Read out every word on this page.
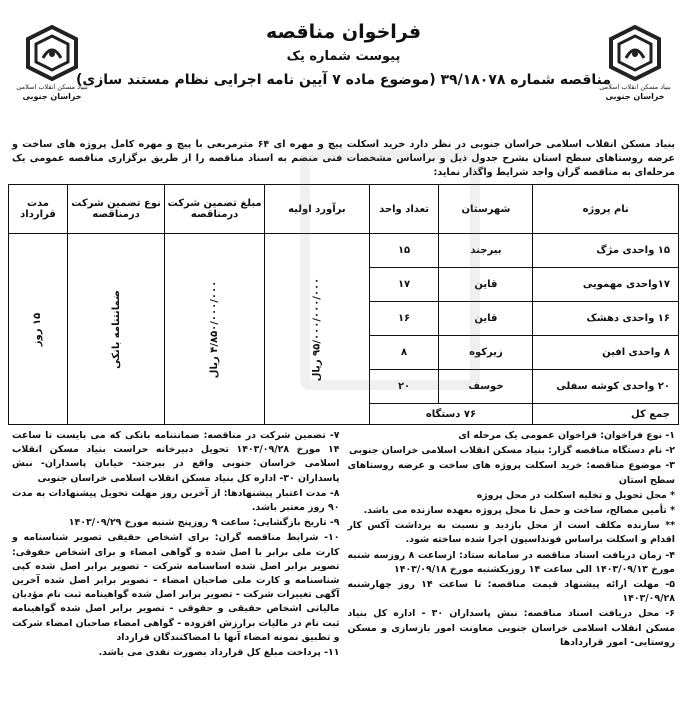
بنیاد مسکن انقلاب اسلامی
خراسان جنوبی
بنیاد مسکن انقلاب اسلامی
خراسان جنوبی
فراخوان مناقصه
پیوست شماره یک
مناقصه شماره ۳۹/۱۸۰۷۸ (موضوع ماده ۷ آیین نامه اجرایی نظام مستند سازی)
بنیاد مسکن انقلاب اسلامی خراسان جنوبی در نظر دارد خرید اسکلت پیچ و مهره ای ۶۴ مترمربعی با پیچ و مهره کامل پروژه های ساخت و عرضه روستاهای سطح استان بشرح جدول ذیل و براساس مشخصات فنی منضم به اسناد مناقصه را از طریق برگزاری مناقصه عمومی یک مرحله‌ای به مناقصه گران واجد شرایط واگذار نماید:
نام پروژه	شهرستان	تعداد واحد	برآورد اولیه	مبلغ تضمین شرکت درمناقصه	نوع تضمین شرکت درمناقصه	مدت قرارداد
۱۵ واحدی مژگ	بیرجند	۱۵	۹۵/۰۰۰/۰۰۰/۰۰۰ ریال	۴/۸۵۰/۰۰۰/۰۰۰ ریال	ضمانتنامه بانکی	۱۵ روز
۱۷واحدی مهمویی	قاین	۱۷				
۱۶ واحدی دهشک	قاین	۱۶				
۸ واحدی افین	زیرکوه	۸				
۲۰ واحدی کوشه سفلی	خوسف	۲۰				
جمع کل	۷۶ دستگاه					

۱- نوع فراخوان: فراخوان عمومی یک مرحله ای

۲- نام دستگاه مناقصه گزار: بنیاد مسکن انقلاب اسلامی خراسان جنوبی

۳- موضوع مناقصه: خرید اسکلت پروژه های ساخت و عرضه روستاهای سطح استان

* محل تحویل و تخلیه اسکلت در محل پروژه

* تأمین مصالح، ساخت و حمل تا محل پروژه بعهده سازنده می باشد.

** سازنده مکلف است از محل بازدید و نسبت به برداشت آکس کار اقدام و اسکلت براساس فونداسیون اجرا شده ساخته شود.

۴- زمان دریافت اسناد مناقصه در سامانه ستاد: ازساعت ۸ روزسه شنبه مورخ ۱۴۰۳/۰۹/۱۳ الی ساعت ۱۴ روزیکشنبه مورخ ۱۴۰۳/۰۹/۱۸

۵- مهلت ارائه پیشنهاد قیمت مناقصه: تا ساعت ۱۴ روز چهارشنبه ۱۴۰۳/۰۹/۲۸

۶- محل دریافت اسناد مناقصه: نبش پاسداران ۳۰ - اداره کل بنیاد مسکن انقلاب اسلامی خراسان جنوبی معاونت امور بازسازی و مسکن روستایی- امور قراردادها

۷- تضمین شرکت در مناقصه: ضمانتنامه بانکی که می بایست تا ساعت ۱۴ مورخ ۱۴۰۳/۰۹/۲۸ تحویل دبیرخانه حراست بنیاد مسکن انقلاب اسلامی خراسان جنوبی واقع در بیرجند- خیابان پاسداران- نبش پاسداران ۳۰- اداره کل بنیاد مسکن انقلاب اسلامی خراسان جنوبی

۸- مدت اعتبار پیشنهادها: از آخرین روز مهلت تحویل پیشنهادات به مدت ۹۰ روز معتبر باشد.

۹- تاریخ بازگشایی: ساعت ۹ روزپنج شنبه مورخ ۱۴۰۳/۰۹/۲۹

۱۰- شرایط مناقصه گران: برای اشخاص حقیقی تصویر شناسنامه و کارت ملی برابر با اصل شده و گواهی امضاء و برای اشخاص حقوقی: تصویر برابر اصل شده اساسنامه شرکت - تصویر برابر اصل شده کپی شناسنامه و کارت ملی صاحبان امضاء - تصویر برابر اصل شده آخرین آگهی تغییرات شرکت - تصویر برابر اصل شده گواهینامه ثبت نام مؤدیان مالیاتی اشخاص حقیقی و حقوقی - تصویر برابر اصل شده گواهینامه ثبت نام در مالیات برارزش افزوده - گواهی امضاء صاحبان امضاء شرکت و تطبیق نمونه امضاء آنها با امضاکنندگان قرارداد

۱۱- پرداخت مبلغ کل قرارداد بصورت نقدی می باشد.
